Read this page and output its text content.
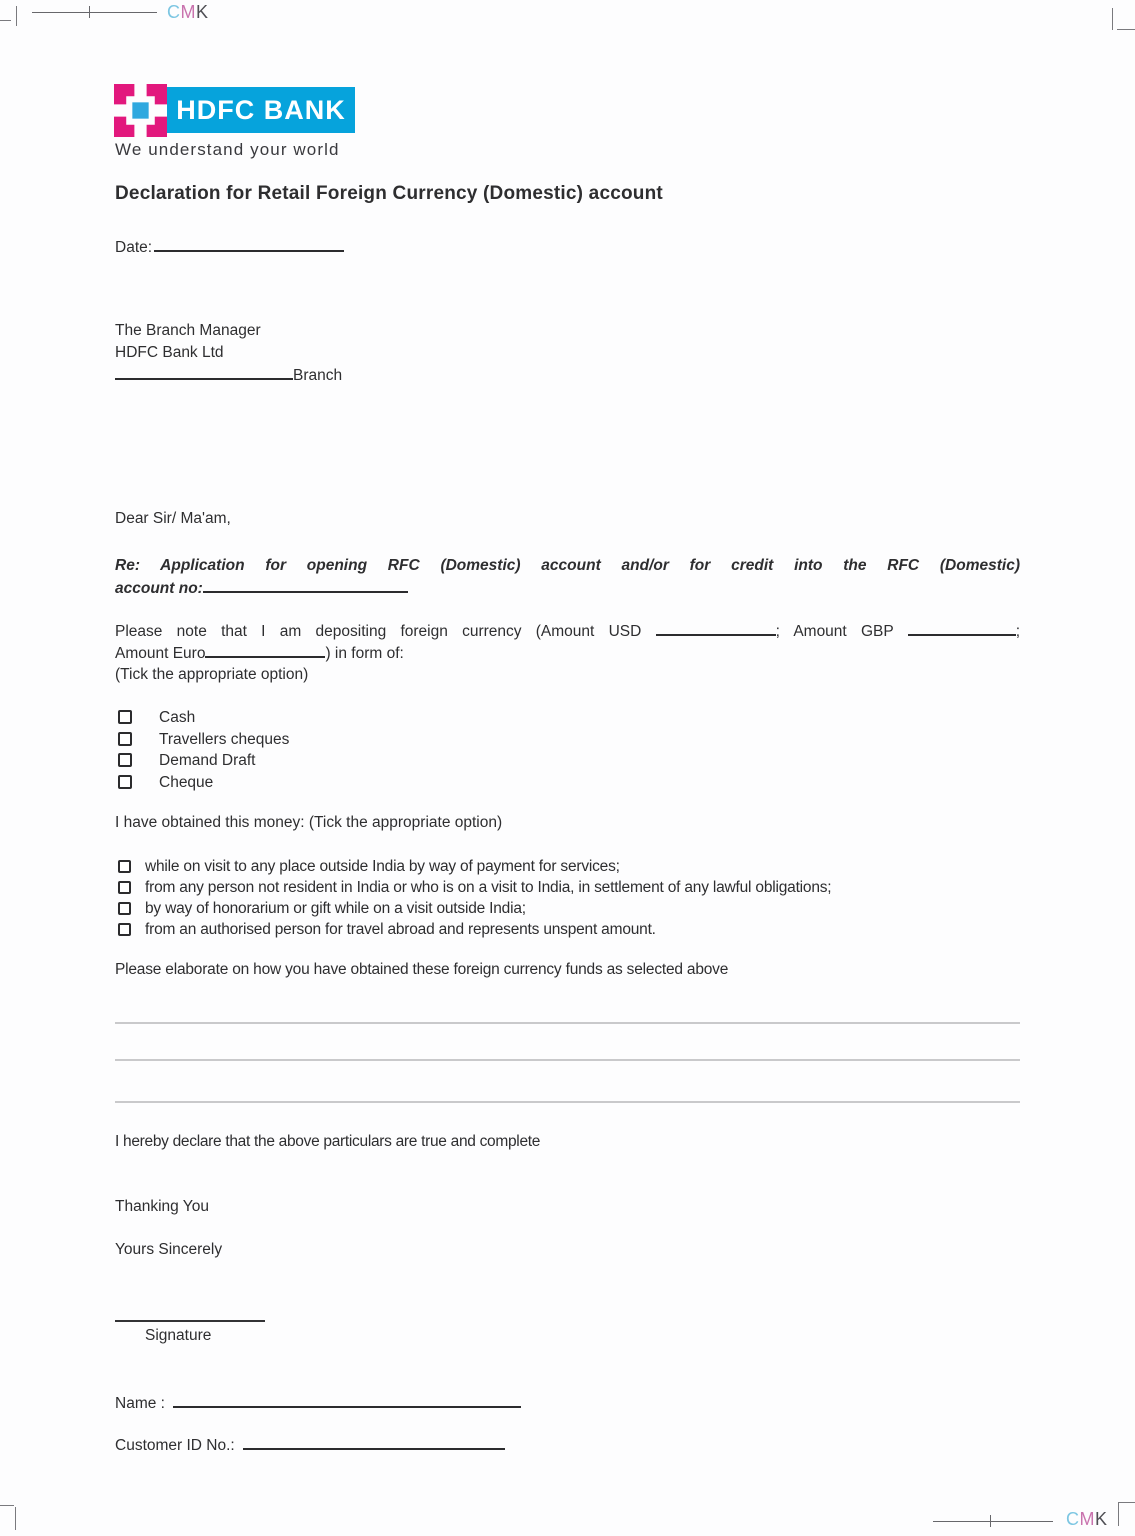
CMK
HDFC BANK
We understand your world
Declaration for Retail Foreign Currency (Domestic) account
Date:
The Branch Manager
HDFC Bank Ltd
Branch
Dear Sir/ Ma'am,
Re: Application for opening RFC (Domestic) account and/or for credit into the RFC (Domestic)
account no:
Please note that I am depositing foreign currency (Amount USD	; Amount GBP	;
Amount Euro	) in form of:
(Tick the appropriate option)
Cash
Travellers cheques
Demand Draft
Cheque
I have obtained this money: (Tick the appropriate option)
while on visit to any place outside India by way of payment for services;
from any person not resident in India or who is on a visit to India, in settlement of any lawful obligations;
by way of honorarium or gift while on a visit outside India;
from an authorised person for travel abroad and represents unspent amount.
Please elaborate on how you have obtained these foreign currency funds as selected above
I hereby declare that the above particulars are true and complete
Thanking You
Yours Sincerely
Signature
Name :
Customer ID No.:
CMK
